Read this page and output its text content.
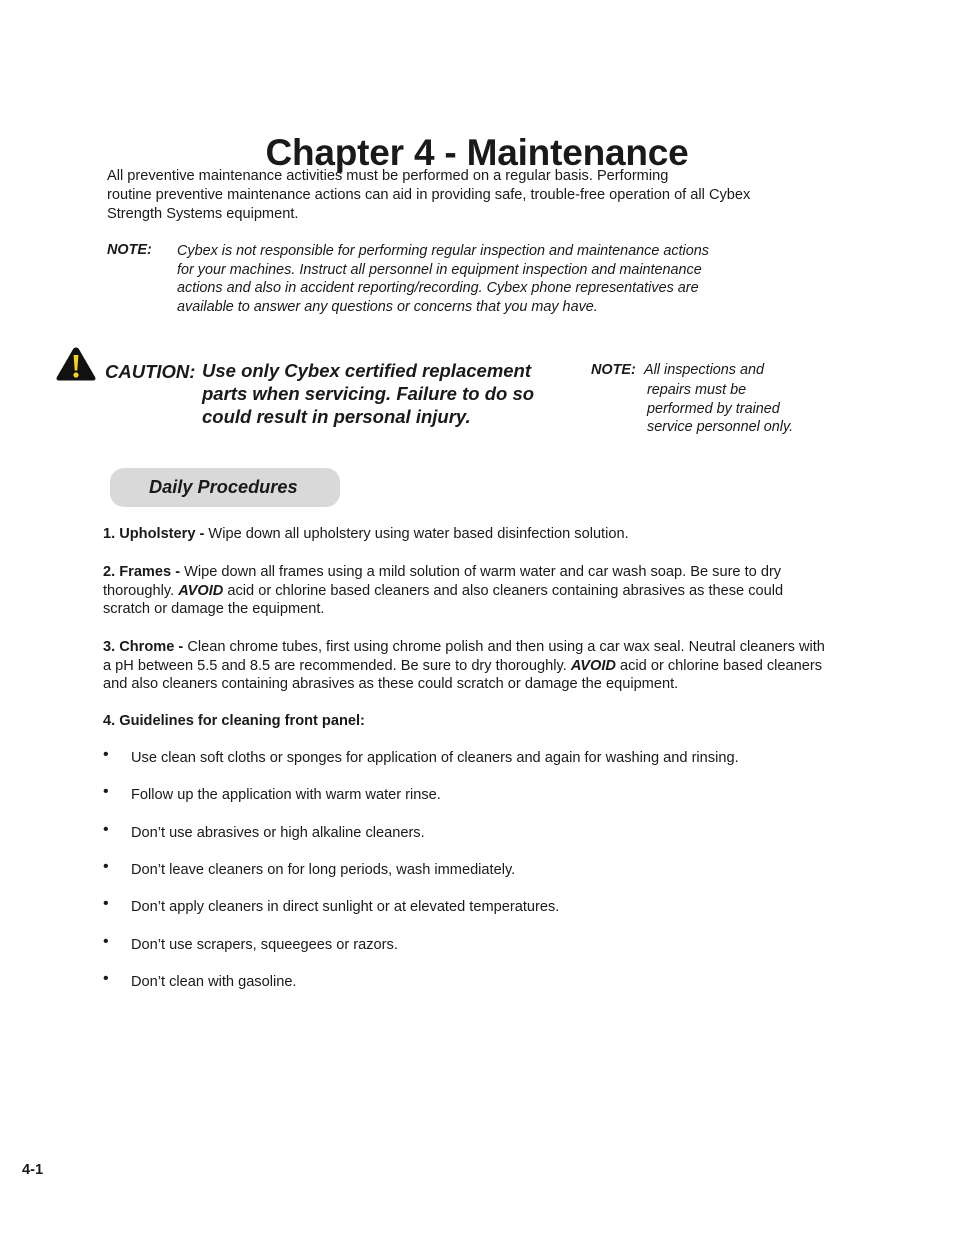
Chapter 4 - Maintenance
All preventive maintenance activities must be performed on a regular basis. Performing
routine preventive maintenance actions can aid in providing safe, trouble-free operation of all Cybex
Strength Systems equipment.
NOTE: Cybex is not responsible for performing regular inspection and maintenance actions
for your machines. Instruct all personnel in equipment inspection and maintenance
actions and also in accident reporting/recording. Cybex phone representatives are
available to answer any questions or concerns that you may have.
CAUTION: Use only Cybex certified replacement
parts when servicing. Failure to do so
could result in personal injury.
NOTE: All inspections and
repairs must be
performed by trained
service personnel only.
Daily Procedures
1. Upholstery - Wipe down all upholstery using water based disinfection solution.
2. Frames - Wipe down all frames using a mild solution of warm water and car wash soap. Be sure to dry
thoroughly. AVOID acid or chlorine based cleaners and also cleaners containing abrasives as these could
scratch or damage the equipment.
3. Chrome - Clean chrome tubes, first using chrome polish and then using a car wax seal. Neutral cleaners with
a pH between 5.5 and 8.5 are recommended. Be sure to dry thoroughly. AVOID acid or chlorine based cleaners
and also cleaners containing abrasives as these could scratch or damage the equipment.
4. Guidelines for cleaning front panel:
• Use clean soft cloths or sponges for application of cleaners and again for washing and rinsing.
• Follow up the application with warm water rinse.
• Don’t use abrasives or high alkaline cleaners.
• Don’t leave cleaners on for long periods, wash immediately.
• Don’t apply cleaners in direct sunlight or at elevated temperatures.
• Don’t use scrapers, squeegees or razors.
• Don’t clean with gasoline.
4-1
